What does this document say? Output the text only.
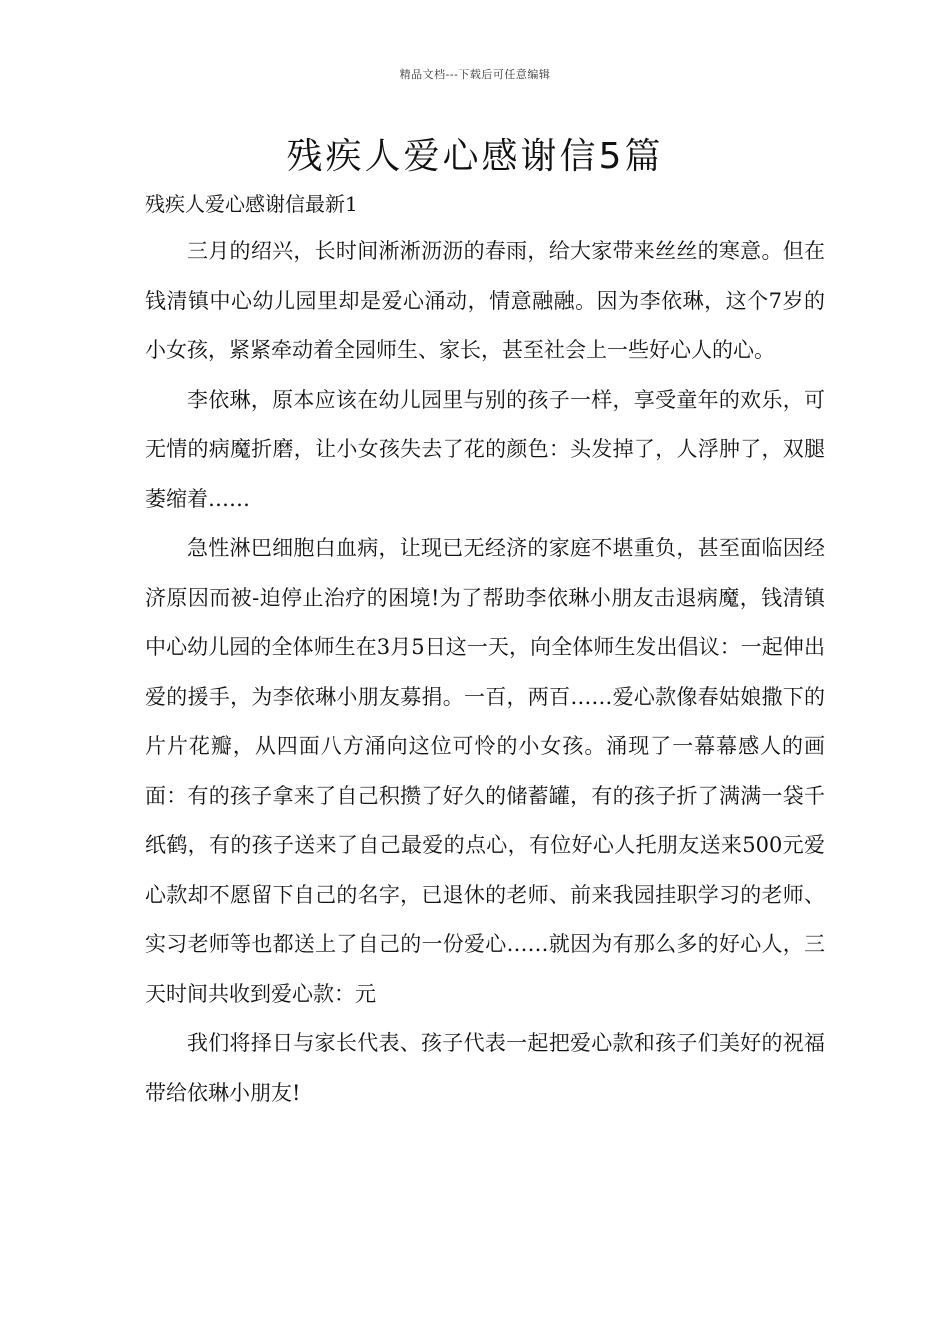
精品文档---下载后可任意编辑
残疾人爱心感谢信5篇
残疾人爱心感谢信最新1

三月的绍兴，长时间淅淅沥沥的春雨，给大家带来丝丝的寒意。但在钱清镇中心幼儿园里却是爱心涌动，情意融融。因为李依琳，这个7岁的小女孩，紧紧牵动着全园师生、家长，甚至社会上一些好心人的心。

李依琳，原本应该在幼儿园里与别的孩子一样，享受童年的欢乐，可无情的病魔折磨，让小女孩失去了花的颜色：头发掉了，人浮肿了，双腿萎缩着……

急性淋巴细胞白血病，让现已无经济的家庭不堪重负，甚至面临因经济原因而被-迫停止治疗的困境!为了帮助李依琳小朋友击退病魔，钱清镇中心幼儿园的全体师生在3月5日这一天，向全体师生发出倡议：一起伸出爱的援手，为李依琳小朋友募捐。一百，两百……爱心款像春姑娘撒下的片片花瓣，从四面八方涌向这位可怜的小女孩。涌现了一幕幕感人的画面：有的孩子拿来了自己积攒了好久的储蓄罐，有的孩子折了满满一袋千纸鹤，有的孩子送来了自己最爱的点心，有位好心人托朋友送来500元爱心款却不愿留下自己的名字，已退休的老师、前来我园挂职学习的老师、实习老师等也都送上了自己的一份爱心……就因为有那么多的好心人，三天时间共收到爱心款：元

我们将择日与家长代表、孩子代表一起把爱心款和孩子们美好的祝福带给依琳小朋友!
